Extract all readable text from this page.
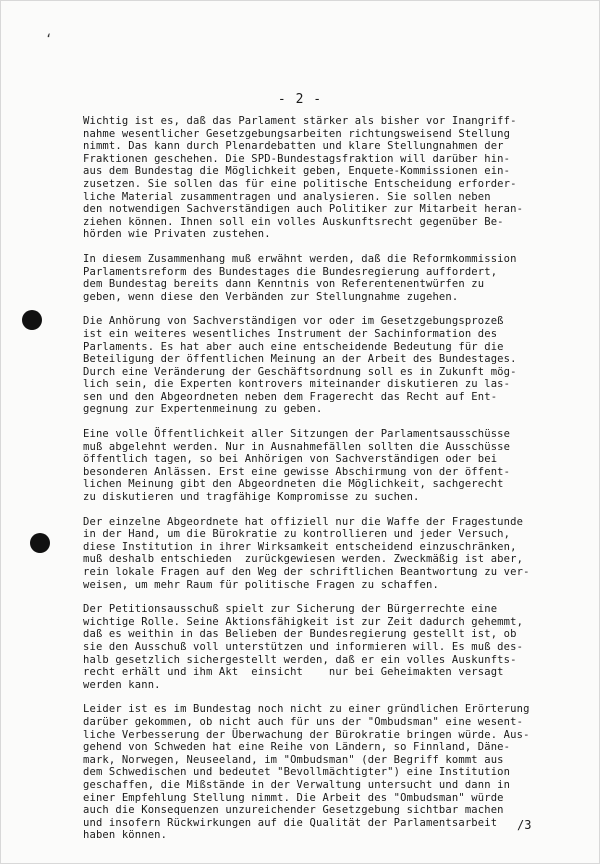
‘
- 2 -

Wichtig ist es, daß das Parlament stärker als bisher vor Inangriff-
nahme wesentlicher Gesetzgebungsarbeiten richtungsweisend Stellung
nimmt. Das kann durch Plenardebatten und klare Stellungnahmen der
Fraktionen geschehen. Die SPD-Bundestagsfraktion will darüber hin-
aus dem Bundestag die Möglichkeit geben, Enquete-Kommissionen ein-
zusetzen. Sie sollen das für eine politische Entscheidung erforder-
liche Material zusammentragen und analysieren. Sie sollen neben
den notwendigen Sachverständigen auch Politiker zur Mitarbeit heran-
ziehen können. Ihnen soll ein volles Auskunftsrecht gegenüber Be-
hörden wie Privaten zustehen.

In diesem Zusammenhang muß erwähnt werden, daß die Reformkommission
Parlamentsreform des Bundestages die Bundesregierung auffordert,
dem Bundestag bereits dann Kenntnis von Referentenentwürfen zu
geben, wenn diese den Verbänden zur Stellungnahme zugehen.

Die Anhörung von Sachverständigen vor oder im Gesetzgebungsprozeß
ist ein weiteres wesentliches Instrument der Sachinformation des
Parlaments. Es hat aber auch eine entscheidende Bedeutung für die
Beteiligung der öffentlichen Meinung an der Arbeit des Bundestages.
Durch eine Veränderung der Geschäftsordnung soll es in Zukunft mög-
lich sein, die Experten kontrovers miteinander diskutieren zu las-
sen und den Abgeordneten neben dem Fragerecht das Recht auf Ent-
gegnung zur Expertenmeinung zu geben.

Eine volle Öffentlichkeit aller Sitzungen der Parlamentsausschüsse
muß abgelehnt werden. Nur in Ausnahmefällen sollten die Ausschüsse
öffentlich tagen, so bei Anhörigen von Sachverständigen oder bei
besonderen Anlässen. Erst eine gewisse Abschirmung von der öffent-
lichen Meinung gibt den Abgeordneten die Möglichkeit, sachgerecht
zu diskutieren und tragfähige Kompromisse zu suchen.

Der einzelne Abgeordnete hat offiziell nur die Waffe der Fragestunde
in der Hand, um die Bürokratie zu kontrollieren und jeder Versuch,
diese Institution in ihrer Wirksamkeit entscheidend einzuschränken,
muß deshalb entschieden  zurückgewiesen werden. Zweckmäßig ist aber,
rein lokale Fragen auf den Weg der schriftlichen Beantwortung zu ver-
weisen, um mehr Raum für politische Fragen zu schaffen.

Der Petitionsausschuß spielt zur Sicherung der Bürgerrechte eine
wichtige Rolle. Seine Aktionsfähigkeit ist zur Zeit dadurch gehemmt,
daß es weithin in das Belieben der Bundesregierung gestellt ist, ob
sie den Ausschuß voll unterstützen und informieren will. Es muß des-
halb gesetzlich sichergestellt werden, daß er ein volles Auskunfts-
recht erhält und ihm Akt  einsicht    nur bei Geheimakten versagt
werden kann.

Leider ist es im Bundestag noch nicht zu einer gründlichen Erörterung
darüber gekommen, ob nicht auch für uns der "Ombudsman" eine wesent-
liche Verbesserung der Überwachung der Bürokratie bringen würde. Aus-
gehend von Schweden hat eine Reihe von Ländern, so Finnland, Däne-
mark, Norwegen, Neuseeland, im "Ombudsman" (der Begriff kommt aus
dem Schwedischen und bedeutet "Bevollmächtigter") eine Institution
geschaffen, die Mißstände in der Verwaltung untersucht und dann in
einer Empfehlung Stellung nimmt. Die Arbeit des "Ombudsman" würde
auch die Konsequenzen unzureichender Gesetzgebung sichtbar machen
und insofern Rückwirkungen auf die Qualität der Parlamentsarbeit
haben können.

/3
